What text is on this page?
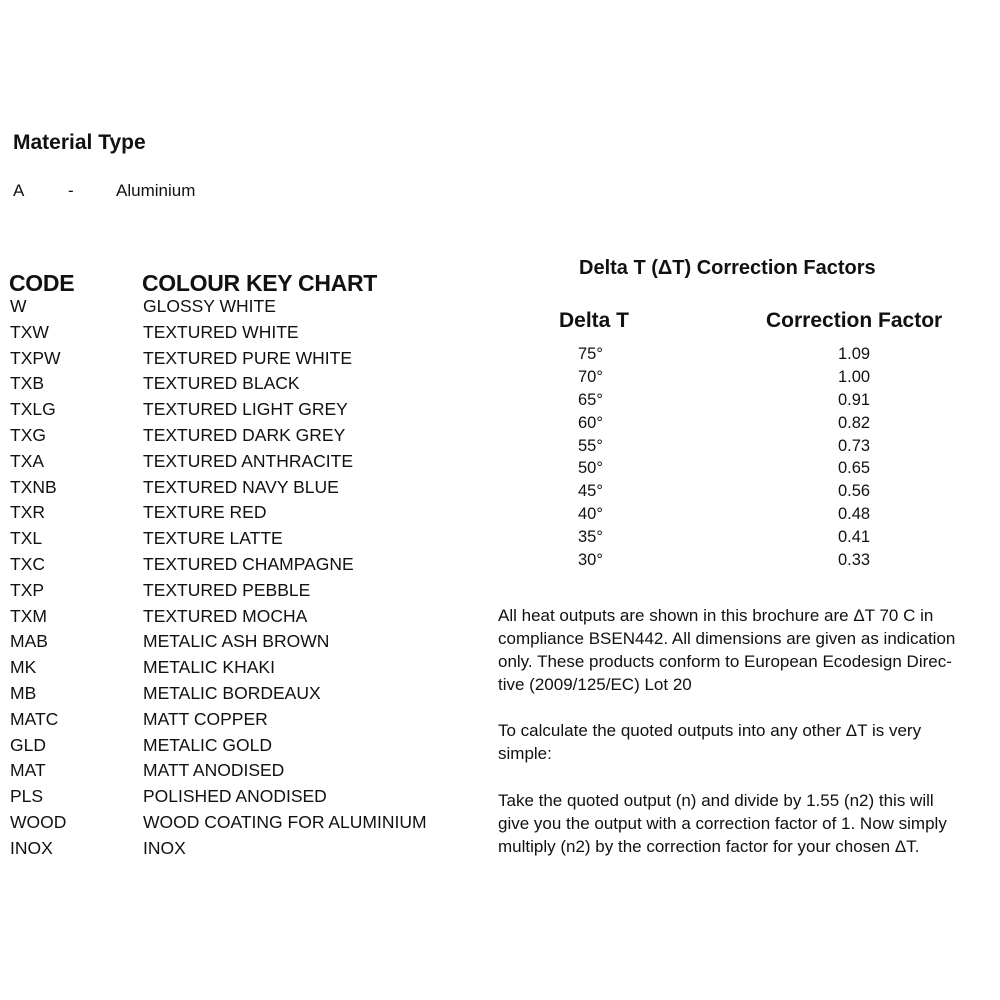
Material Type
A	- Aluminium
CODE	COLOUR KEY CHART
W	GLOSSY WHITE
TXW	TEXTURED WHITE
TXPW	TEXTURED PURE WHITE
TXB	TEXTURED BLACK
TXLG	TEXTURED LIGHT GREY
TXG	TEXTURED DARK GREY
TXA	TEXTURED ANTHRACITE
TXNB	TEXTURED NAVY BLUE
TXR	TEXTURE RED
TXL	TEXTURE LATTE
TXC	TEXTURED CHAMPAGNE
TXP	TEXTURED PEBBLE
TXM	TEXTURED MOCHA
MAB	METALIC ASH BROWN
MK	METALIC KHAKI
MB	METALIC BORDEAUX
MATC	MATT COPPER
GLD	METALIC GOLD
MAT	MATT ANODISED
PLS	POLISHED ANODISED
WOOD	WOOD COATING FOR ALUMINIUM
INOX	INOX
Delta T (ΔT) Correction Factors
Delta T	Correction Factor
75°	1.09
70°	1.00
65°	0.91
60°	0.82
55°	0.73
50°	0.65
45°	0.56
40°	0.48
35°	0.41
30°	0.33

All heat outputs are shown in this brochure are ΔT 70 C in
compliance BSEN442. All dimensions are given as indication
only. These products conform to European Ecodesign Direc-
tive (2009/125/EC) Lot 20

To calculate the quoted outputs into any other ΔT is very
simple:

Take the quoted output (n) and divide by 1.55 (n2) this will
give you the output with a correction factor of 1. Now simply
multiply (n2) by the correction factor for your chosen ΔT.
